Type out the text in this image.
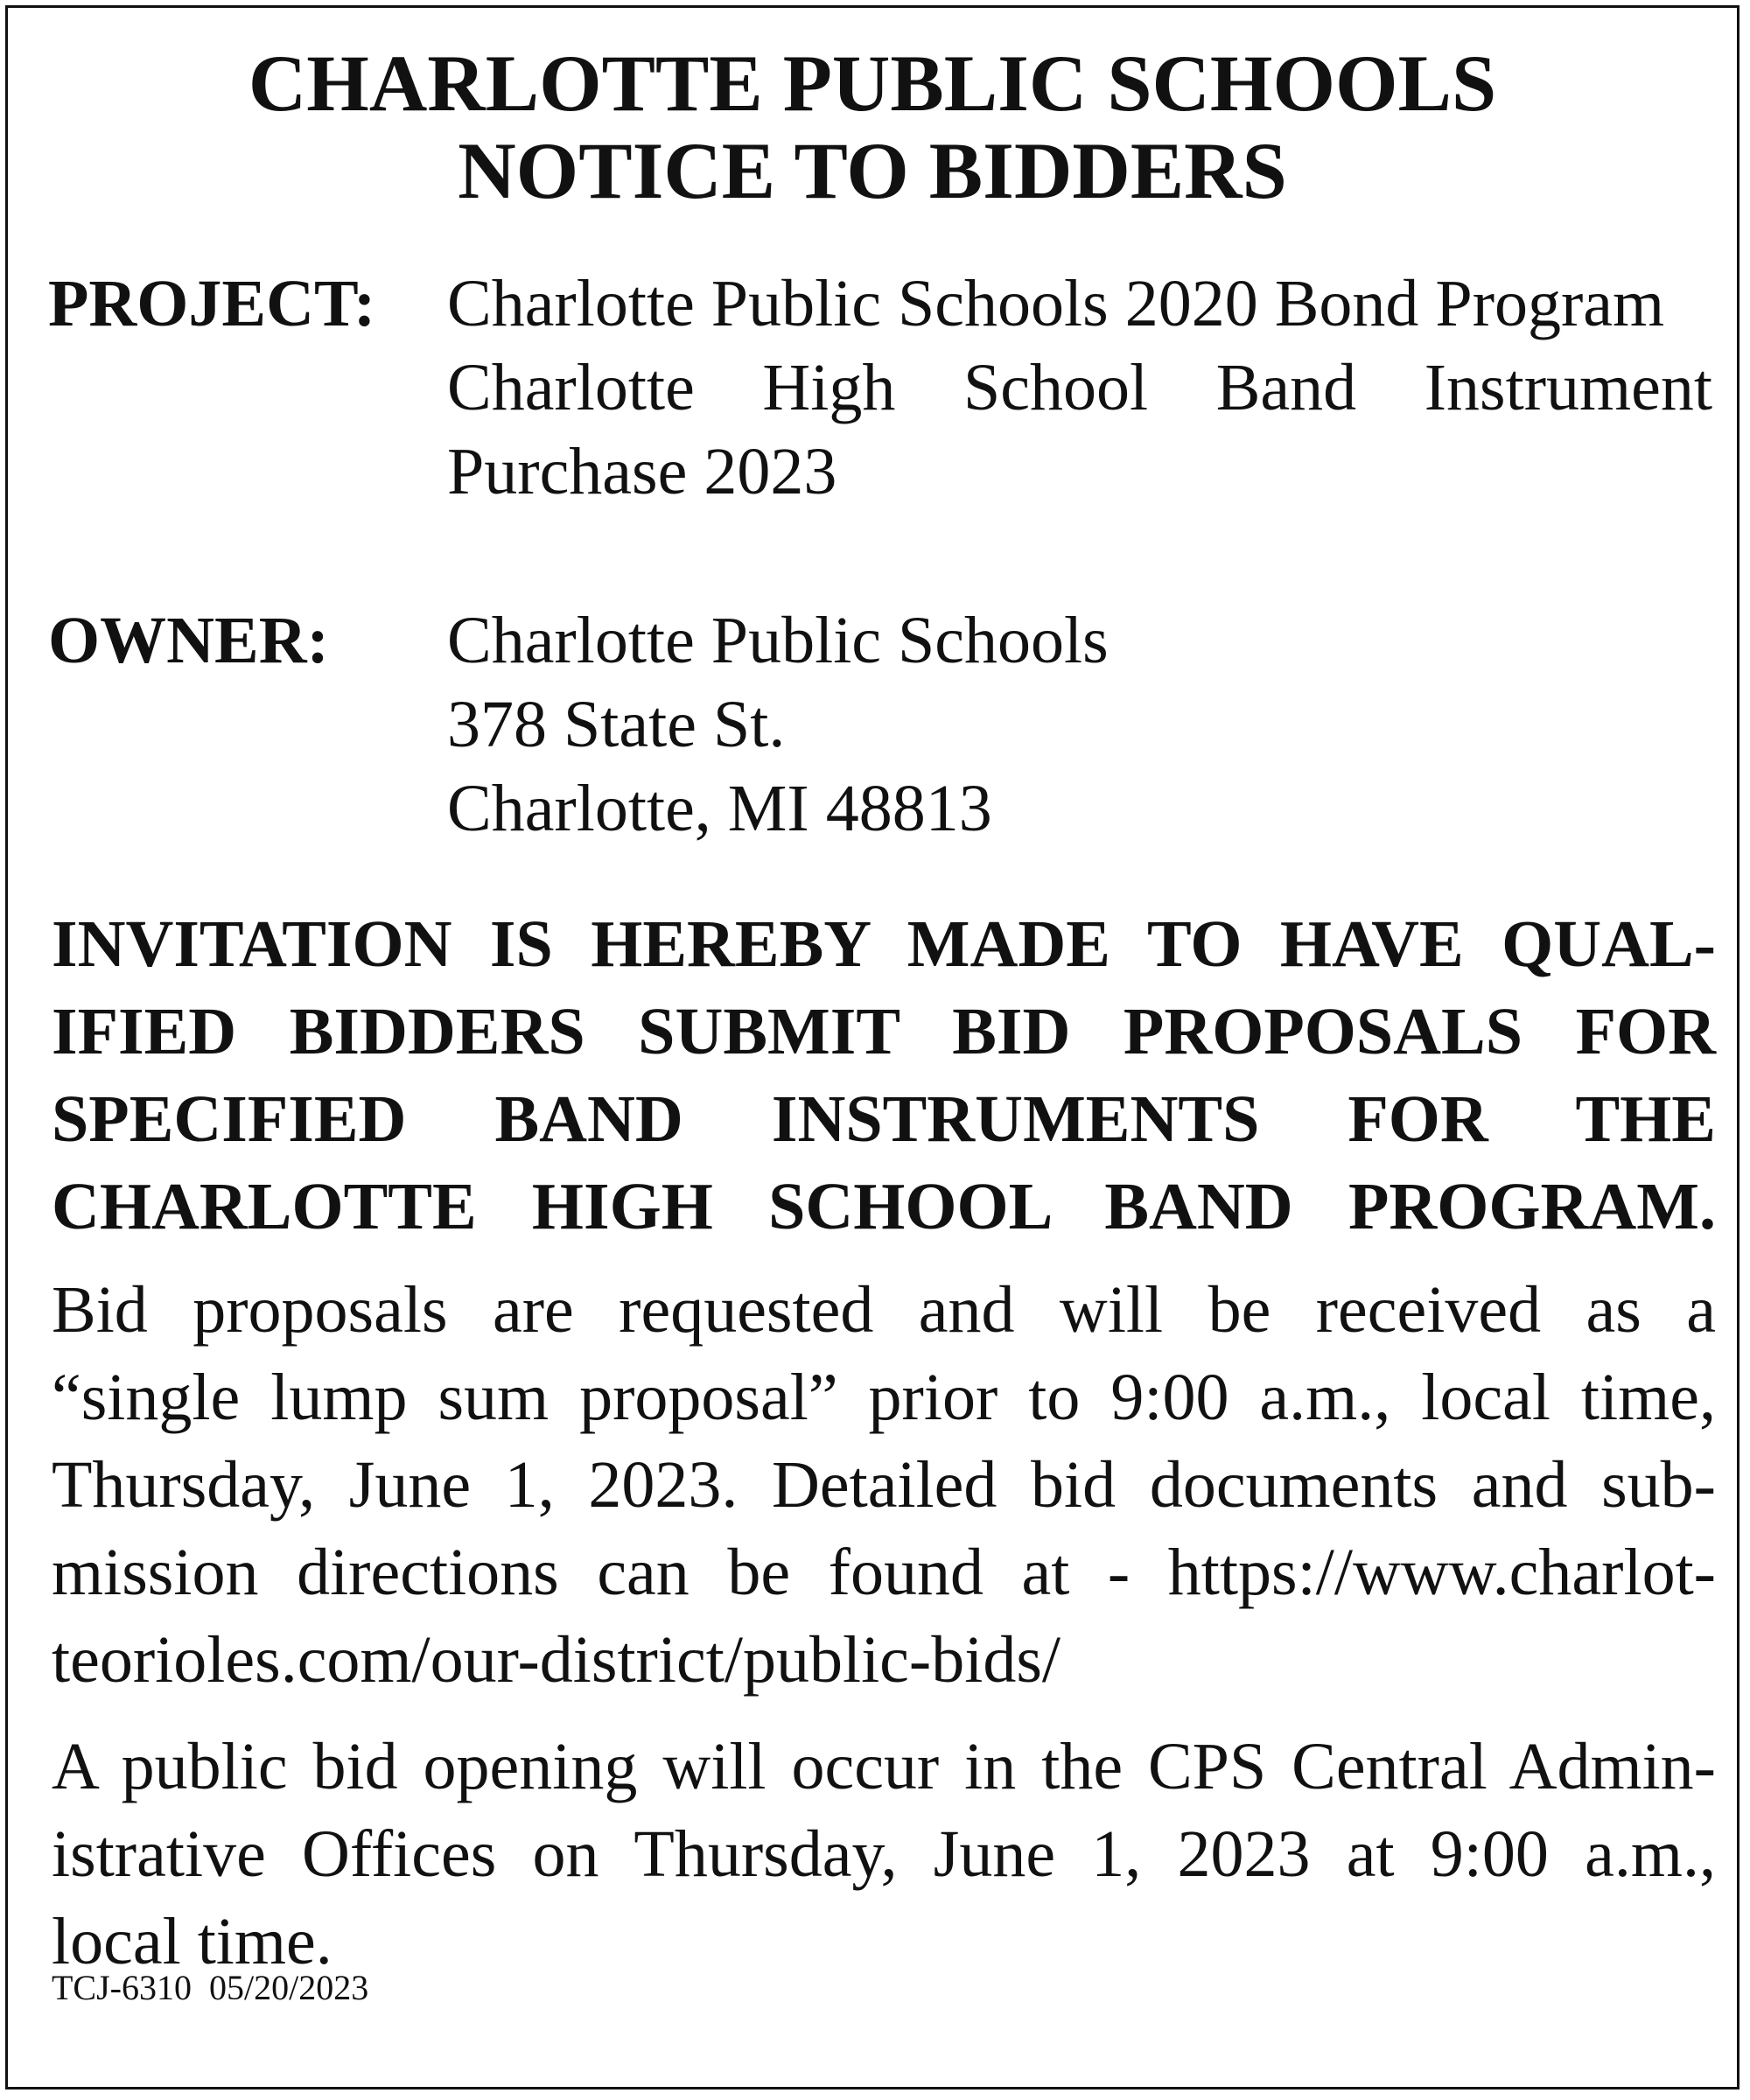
CHARLOTTE PUBLIC SCHOOLS
NOTICE TO BIDDERS

PROJECT: Charlotte Public Schools 2020 Bond Program
Charlotte High School Band Instrument
Purchase 2023

OWNER: Charlotte Public Schools
378 State St.
Charlotte, MI 48813
INVITATION IS HEREBY MADE TO HAVE QUAL-
IFIED BIDDERS SUBMIT BID PROPOSALS FOR
SPECIFIED BAND INSTRUMENTS FOR THE
CHARLOTTE HIGH SCHOOL BAND PROGRAM.
Bid proposals are requested and will be received as a
“single lump sum proposal” prior to 9:00 a.m., local time,
Thursday, June 1, 2023. Detailed bid documents and sub-
mission directions can be found at - https://www.charlot-
teorioles.com/our-district/public-bids/
A public bid opening will occur in the CPS Central Admin-
istrative Offices on Thursday, June 1, 2023 at 9:00 a.m.,
local time.

TCJ-6310  05/20/2023
